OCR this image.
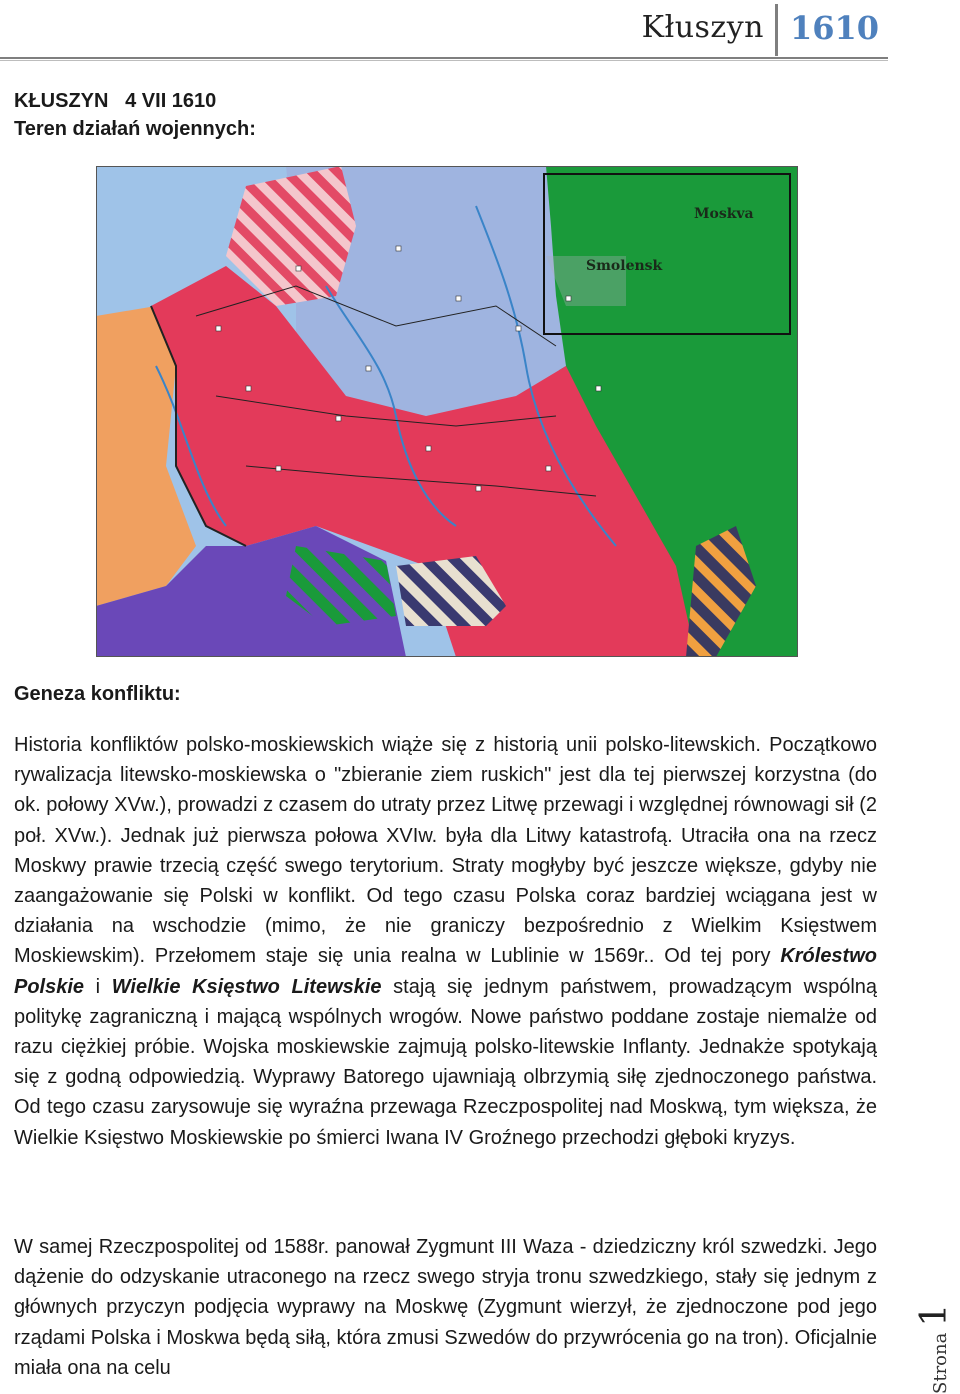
Kłuszyn 1610
KŁUSZYN   4 VII 1610
Teren działań wojennych:
Moskva
Smolensk
Geneza konfliktu:
Historia konfliktów polsko-moskiewskich wiąże się z historią unii polsko-litewskich. Początkowo rywalizacja litewsko-moskiewska o "zbieranie ziem ruskich" jest dla tej pierwszej korzystna (do ok. połowy XVw.), prowadzi z czasem do utraty przez Litwę przewagi i względnej równowagi sił (2 poł. XVw.). Jednak już pierwsza połowa XVIw. była dla Litwy katastrofą. Utraciła ona na rzecz Moskwy prawie trzecią część swego terytorium. Straty mogłyby być jeszcze większe, gdyby nie zaangażowanie się Polski w konflikt. Od tego czasu Polska coraz bardziej wciągana jest w działania na wschodzie (mimo, że nie graniczy bezpośrednio z Wielkim Księstwem Moskiewskim). Przełomem staje się unia realna w Lublinie w 1569r.. Od tej pory Królestwo Polskie i Wielkie Księstwo Litewskie stają się jednym państwem, prowadzącym wspólną politykę zagraniczną i mającą wspólnych wrogów. Nowe państwo poddane zostaje niemalże od razu ciężkiej próbie. Wojska moskiewskie zajmują polsko-litewskie Inflanty. Jednakże spotykają się z godną odpowiedzią. Wyprawy Batorego ujawniają olbrzymią siłę zjednoczonego państwa. Od tego czasu zarysowuje się wyraźna przewaga Rzeczpospolitej nad Moskwą, tym większa, że Wielkie Księstwo Moskiewskie po śmierci Iwana IV Groźnego przechodzi głęboki kryzys.
W samej Rzeczpospolitej od 1588r. panował Zygmunt III Waza - dziedziczny król szwedzki. Jego dążenie do odzyskanie utraconego na rzecz swego stryja tronu szwedzkiego, stały się jednym z głównych przyczyn podjęcia wyprawy na Moskwę (Zygmunt wierzył, że zjednoczone pod jego rządami Polska i Moskwa będą siłą, która zmusi Szwedów do przywrócenia go na tron). Oficjalnie miała ona na celu	Strona1
